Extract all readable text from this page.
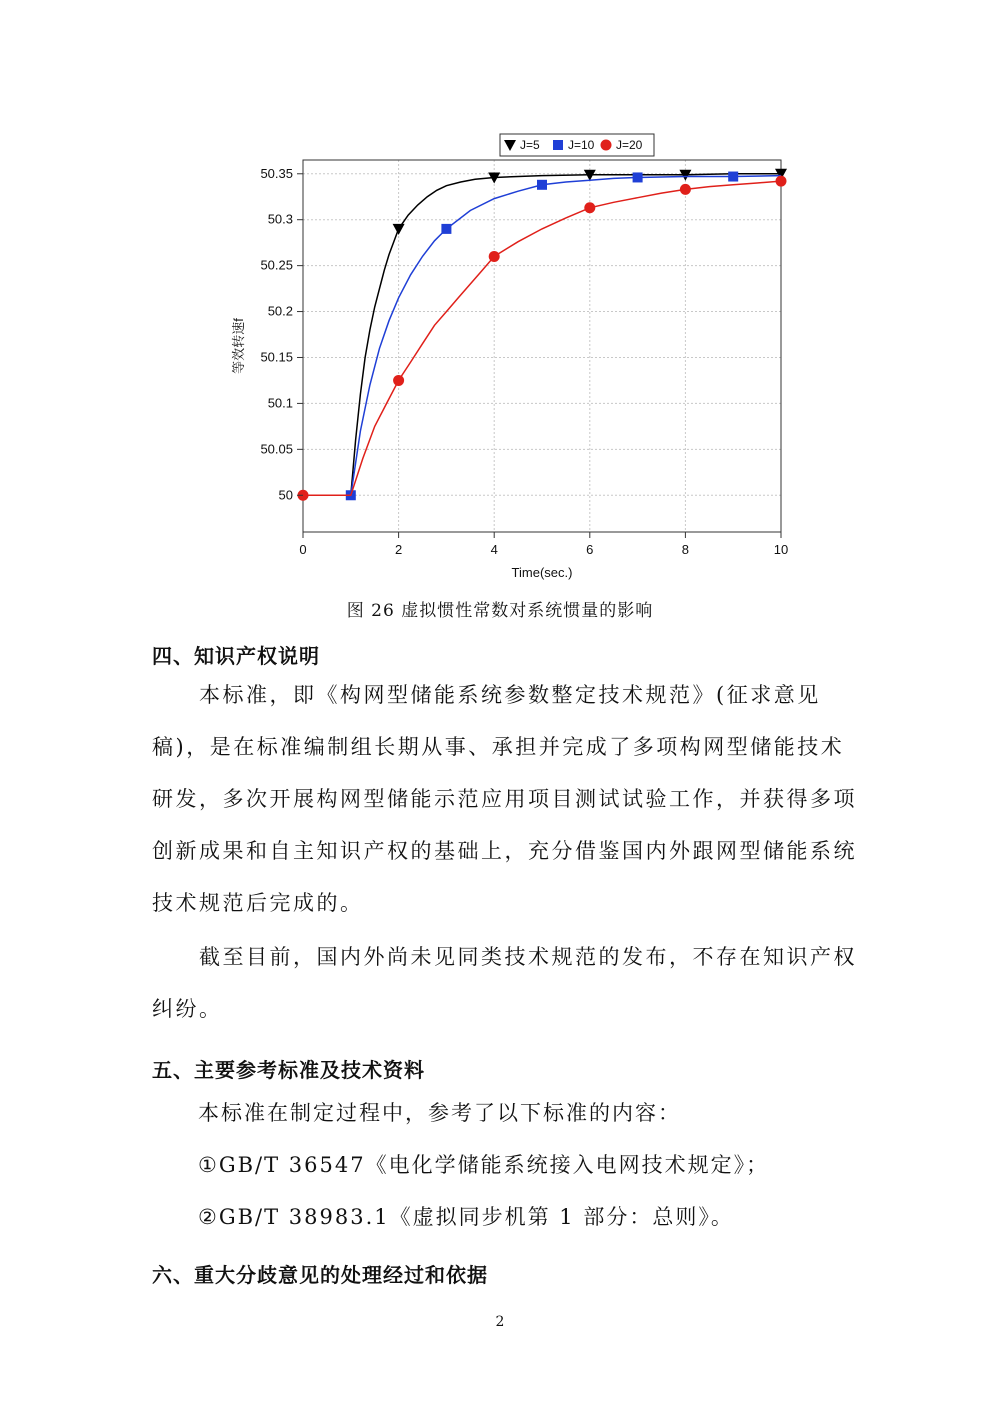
0	2	4	6	8	10
50
50.05
50.1
50.15
50.2
50.25
50.3
50.35
Time(sec.)
等效转速f
J=5 J=10 J=20
图 26 虚拟惯性常数对系统惯量的影响
四、知识产权说明

本标准，即《构网型储能系统参数整定技术规范》(征求意见稿)，是在标准编制组长期从事、承担并完成了多项构网型储能技术研发，多次开展构网型储能示范应用项目测试试验工作，并获得多项创新成果和自主知识产权的基础上，充分借鉴国内外跟网型储能系统技术规范后完成的。

截至目前，国内外尚未见同类技术规范的发布，不存在知识产权纠纷。

五、主要参考标准及技术资料
本标准在制定过程中，参考了以下标准的内容：
①GB/T 36547《电化学储能系统接入电网技术规定》；
②GB/T 38983.1《虚拟同步机第 1 部分：总则》。
六、重大分歧意见的处理经过和依据
2
